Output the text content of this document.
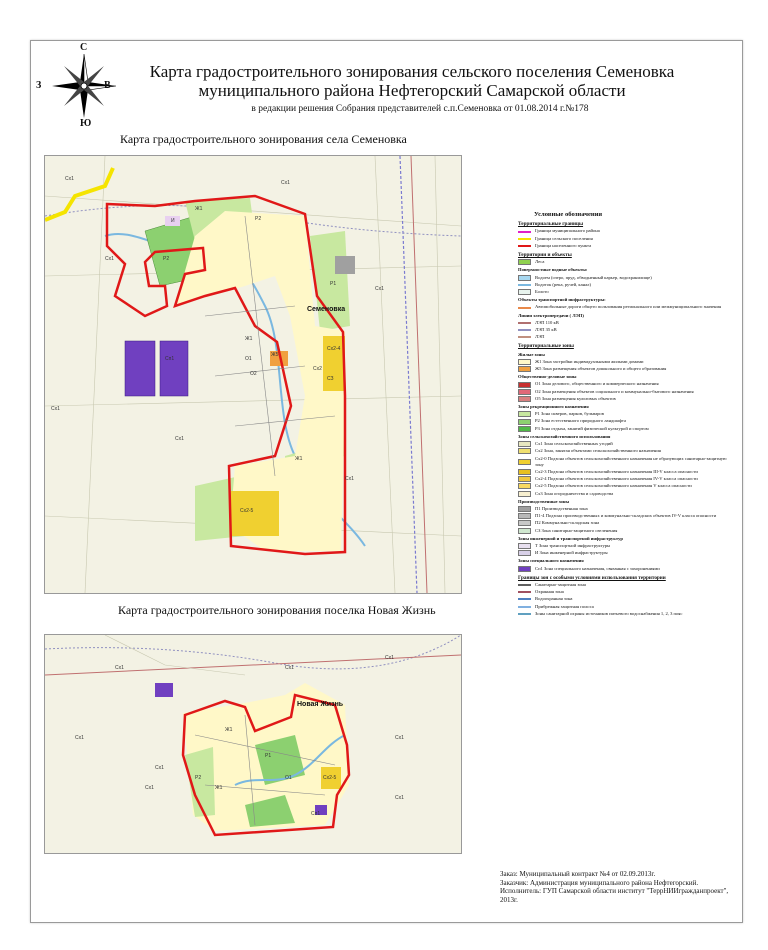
С
Ю
З	В
Карта градостроительного зонирования сельского поселения Семеновка
муниципального района Нефтегорский Самарской области
в редакции решения Собрания представителей с.п.Семеновка от 01.08.2014 г.№178
Карта градостроительного зонирования села Семеновка
Семеновка
Сх1
Сх1
Сх1
Сх1
Сх1
Сх1
Сх1
Ж1
Ж1
Ж1
Р2
Р2
Р1
Ж5
О1
О2
Сх2-4
Сх2-5
СЗ
Сх2
Сп1
И
Карта градостроительного зонирования поселка Новая Жизнь
Новая Жизнь
Сх1
Сх1
Сх1
Сх1
Сх1
Сх1
Сх1
Сх1
Ж1
Ж1
Р1
Р2	О1	Сх2-5
Сп1
Условные обозначения
Территориальные границы
Граница муниципального района
Граница сельского поселения
Граница населенного пункта
Территории и объекты
Леса
Поверхностные водные объекты:
Водоем (озеро, пруд, обводненный карьер, водохранилище)
Водоток (река, ручей, канал)
Болото
Объекты транспортной инфраструктуры:
Автомобильные дороги общего пользования регионального или межмуниципального значения
Линии электропередачи ( ЛЭП)
ЛЭП 110 кВ
ЛЭП 35 кВ
ЛЭП
Территориальные зоны
Жилые зоны
Ж1 Зона застройки индивидуальными жилыми домами
Ж5 Зона размещения объектов дошкольного и общего образования
Общественно-деловые зоны
О1 Зона делового, общественного и коммерческого назначения
О2 Зона размещения объектов социального и коммунально-бытового назначения
О5 Зона размещения культовых объектов
Зоны рекреационного назначения
Р1 Зона скверов, парков, бульваров
Р2 Зона естественного природного ландшафта
Р3 Зона отдыха, занятий физической культурой и спортом
Зоны сельскохозяйственного использования
Сх1 Зона сельскохозяйственных угодий
Сх2 Зона, занятая объектами сельскохозяйственного назначения
Сх2-0 Подзона объектов сельскохозяйственного назначения не образующих санитарно-защитную зону
Сх2-3 Подзона объектов сельскохозяйственного назначения III-V класса опасности
Сх2-4 Подзона объектов сельскохозяйственного назначения IV-V класса опасности
Сх2-5 Подзона объектов сельскохозяйственного назначения V класса опасности
Сх3 Зона огородничества и садоводства
Производственные зоны
П1 Производственная зона
П1-4 Подзона производственных и коммунально-складских объектов IV-V класса опасности
П2 Коммунально-складская зона
СЗ Зона санитарно-защитного озеленения
Зоны инженерной и транспортной инфраструктур
Т Зона транспортной инфраструктуры
И Зона инженерной инфраструктуры
Зоны специального назначения
Сп1 Зона специального назначения, связанная с захоронениями
Границы зон с особыми условиями использования территории
Санитарно-защитная зона
Охранная зона
Водоохранная зона
Прибрежная защитная полоса
Зоны санитарной охраны источников питьевого водоснабжения 1, 2, 3 пояс
Заказ: Муниципальный контракт №4 от 02.09.2013г.
Заказчик: Администрация муниципального района Нефтегорский.
Исполнитель: ГУП Самарской области институт "ТеррНИИгражданпроект", 2013г.
